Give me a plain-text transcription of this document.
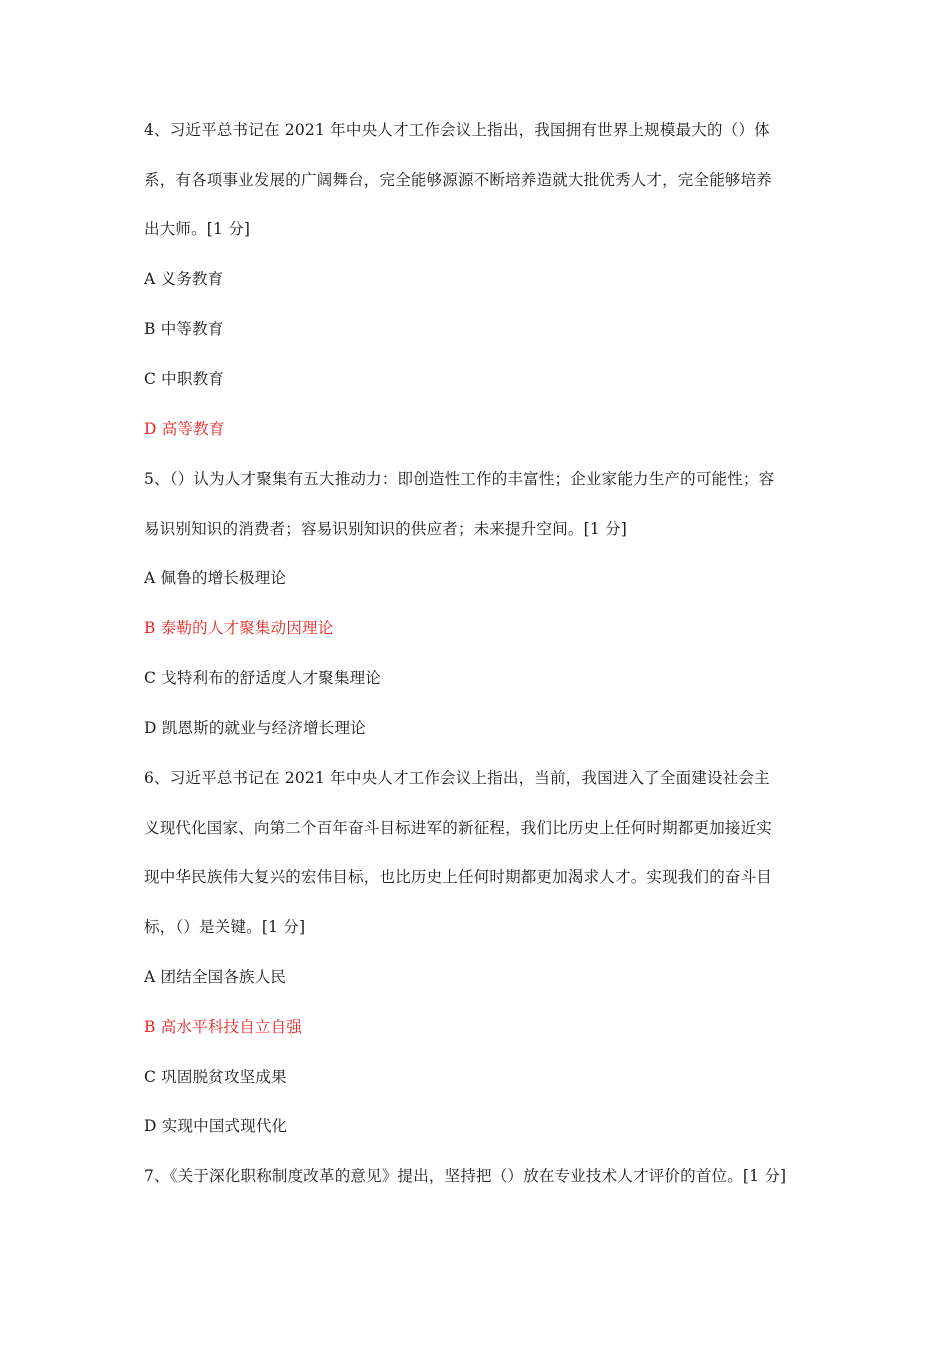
4、习近平总书记在 2021 年中央人才工作会议上指出，我国拥有世界上规模最大的（）体
系，有各项事业发展的广阔舞台，完全能够源源不断培养造就大批优秀人才，完全能够培养
出大师。[1 分]
A 义务教育
B 中等教育
C 中职教育
D 高等教育
5、（）认为人才聚集有五大推动力：即创造性工作的丰富性；企业家能力生产的可能性；容
易识别知识的消费者；容易识别知识的供应者；未来提升空间。[1 分]
A 佩鲁的增长极理论
B 泰勒的人才聚集动因理论
C 戈特利布的舒适度人才聚集理论
D 凯恩斯的就业与经济增长理论
6、习近平总书记在 2021 年中央人才工作会议上指出，当前，我国进入了全面建设社会主
义现代化国家、向第二个百年奋斗目标进军的新征程，我们比历史上任何时期都更加接近实
现中华民族伟大复兴的宏伟目标，也比历史上任何时期都更加渴求人才。实现我们的奋斗目
标，（）是关键。[1 分]
A 团结全国各族人民
B 高水平科技自立自强
C 巩固脱贫攻坚成果
D 实现中国式现代化
7、《关于深化职称制度改革的意见》提出，坚持把（）放在专业技术人才评价的首位。[1 分]
